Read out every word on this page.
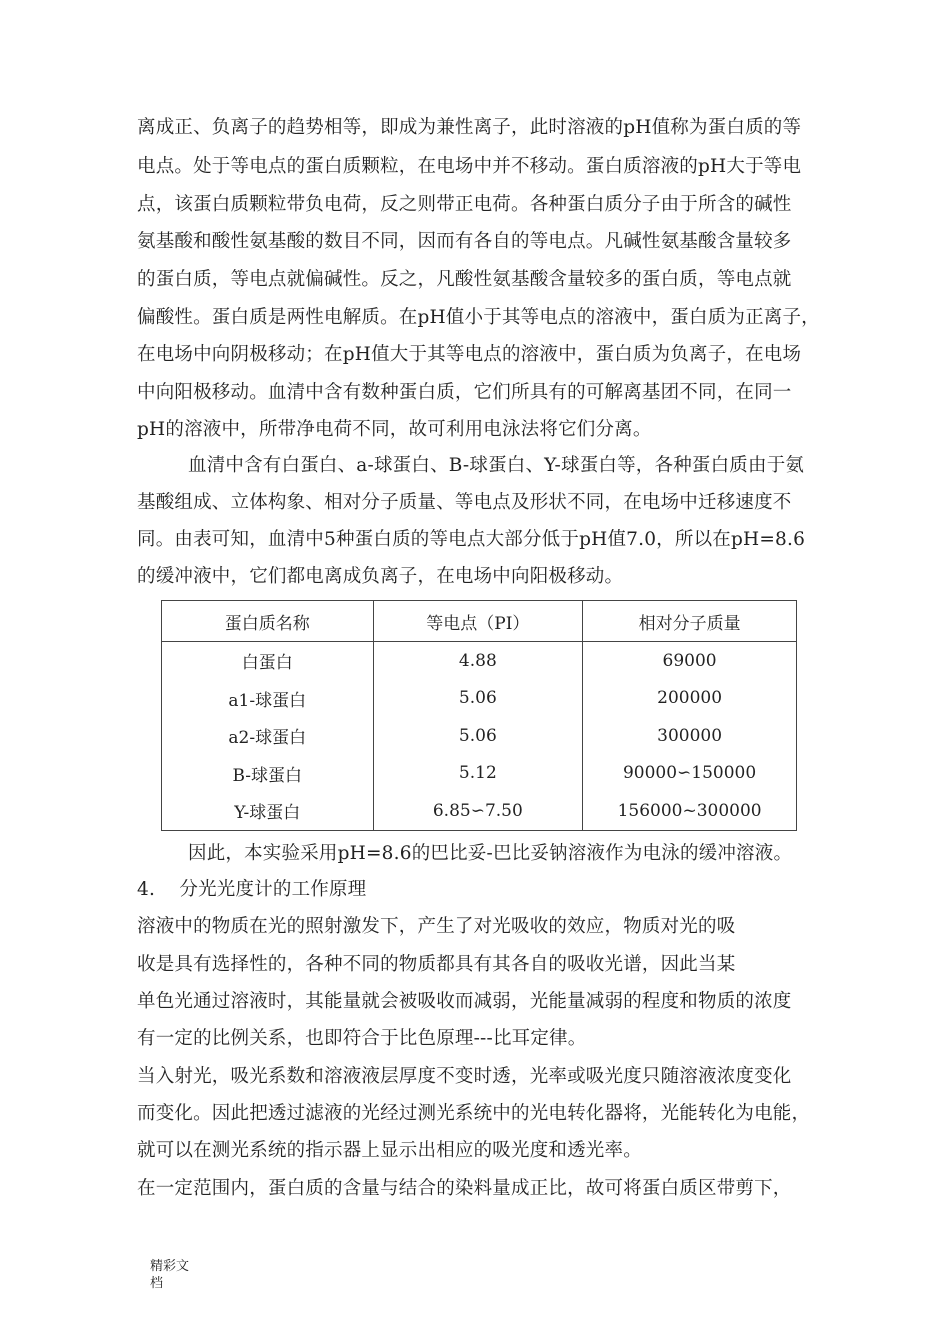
离成正、负离子的趋势相等，即成为兼性离子，此时溶液的pH值称为蛋白质的等
电点。处于等电点的蛋白质颗粒，在电场中并不移动。蛋白质溶液的pH大于等电
点，该蛋白质颗粒带负电荷，反之则带正电荷。各种蛋白质分子由于所含的碱性
氨基酸和酸性氨基酸的数目不同，因而有各自的等电点。凡碱性氨基酸含量较多
的蛋白质，等电点就偏碱性。反之，凡酸性氨基酸含量较多的蛋白质，等电点就
偏酸性。蛋白质是两性电解质。在pH值小于其等电点的溶液中，蛋白质为正离子，
在电场中向阴极移动；在pH值大于其等电点的溶液中，蛋白质为负离子，在电场
中向阳极移动。血清中含有数种蛋白质，它们所具有的可解离基团不同，在同一
pH的溶液中，所带净电荷不同，故可利用电泳法将它们分离。
血清中含有白蛋白、a-球蛋白、B-球蛋白、Y-球蛋白等，各种蛋白质由于氨
基酸组成、立体构象、相对分子质量、等电点及形状不同，在电场中迁移速度不
同。由表可知，血清中5种蛋白质的等电点大部分低于pH值7.0，所以在pH=8.6
的缓冲液中，它们都电离成负离子，在电场中向阳极移动。
蛋白质名称	等电点（PI）	相对分子质量
白蛋白	4.88	69000
a1-球蛋白	5.06	200000
a2-球蛋白	5.06	300000
B-球蛋白	5.12	90000∽150000
Y-球蛋白	6.85∽7.50	156000~300000
因此，本实验采用pH=8.6的巴比妥-巴比妥钠溶液作为电泳的缓冲溶液。
4.    分光光度计的工作原理
溶液中的物质在光的照射激发下，产生了对光吸收的效应，物质对光的吸
收是具有选择性的，各种不同的物质都具有其各自的吸收光谱，因此当某
单色光通过溶液时，其能量就会被吸收而减弱，光能量减弱的程度和物质的浓度
有一定的比例关系，也即符合于比色原理---比耳定律。
当入射光，吸光系数和溶液液层厚度不变时透，光率或吸光度只随溶液浓度变化
而变化。因此把透过滤液的光经过测光系统中的光电转化器将，光能转化为电能，
就可以在测光系统的指示器上显示出相应的吸光度和透光率。
在一定范围内，蛋白质的含量与结合的染料量成正比，故可将蛋白质区带剪下，
精彩文
档
